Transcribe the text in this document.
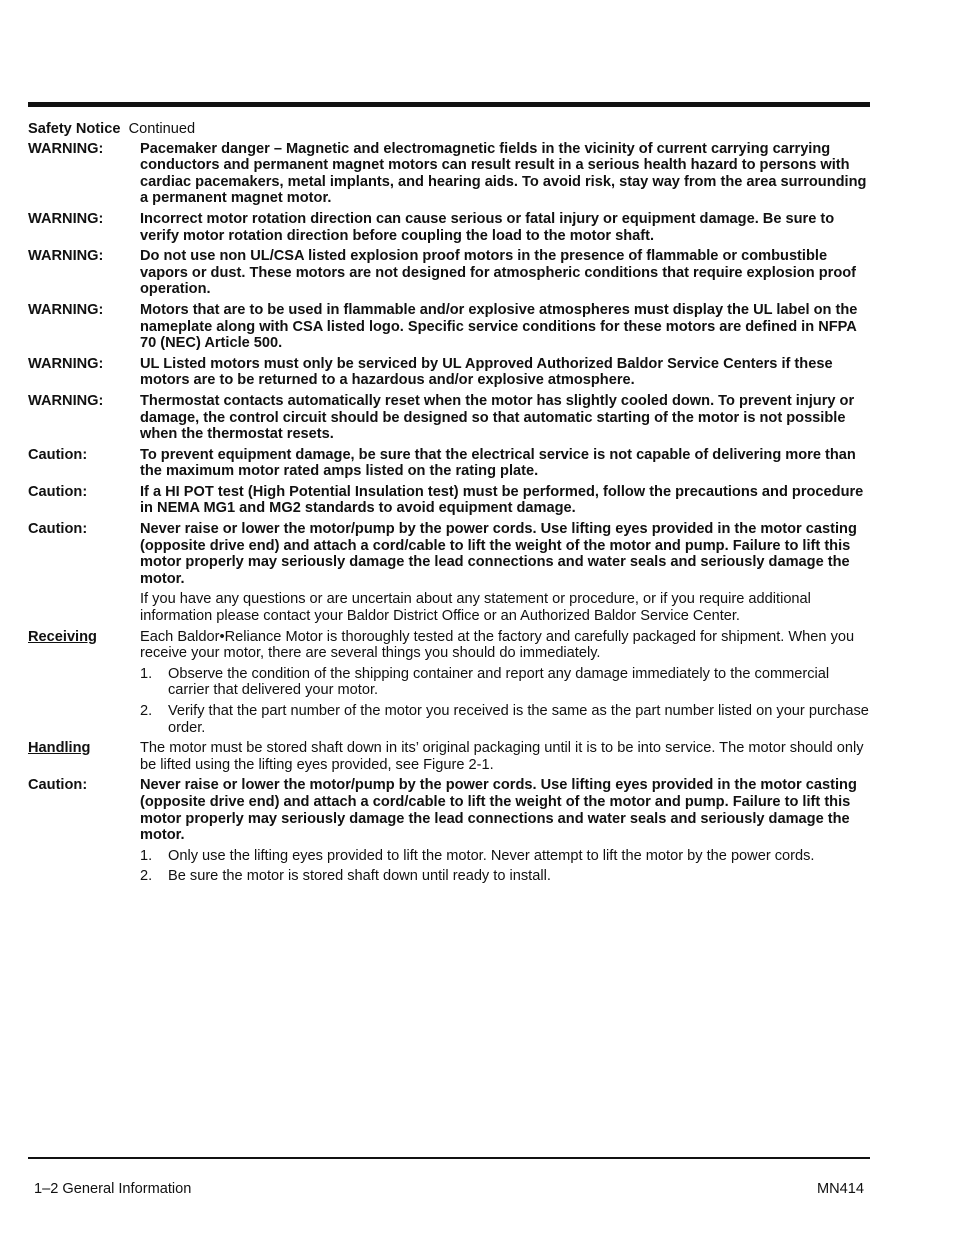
Safety Notice Continued
WARNING:	Pacemaker danger – Magnetic and electromagnetic fields in the vicinity of current carrying carrying conductors and permanent magnet motors can result result in a serious health hazard to persons with cardiac pacemakers, metal implants, and hearing aids. To avoid risk, stay way from the area surrounding a permanent magnet motor.
WARNING:	Incorrect motor rotation direction can cause serious or fatal injury or equipment damage. Be sure to verify motor rotation direction before coupling the load to the motor shaft.
WARNING:	Do not use non UL/CSA listed explosion proof motors in the presence of flammable or combustible vapors or dust. These motors are not designed for atmospheric conditions that require explosion proof operation.
WARNING:	Motors that are to be used in flammable and/or explosive atmospheres must display the UL label on the nameplate along with CSA listed logo. Specific service conditions for these motors are defined in NFPA 70 (NEC) Article 500.
WARNING:	UL Listed motors must only be serviced by UL Approved Authorized Baldor Service Centers if these motors are to be returned to a hazardous and/or explosive atmosphere.
WARNING:	Thermostat contacts automatically reset when the motor has slightly cooled down. To prevent injury or damage, the control circuit should be designed so that automatic starting of the motor is not possible when the thermostat resets.
Caution:	To prevent equipment damage, be sure that the electrical service is not capable of delivering more than the maximum motor rated amps listed on the rating plate.
Caution:	If a HI POT test (High Potential Insulation test) must be performed, follow the precautions and procedure in NEMA MG1 and MG2 standards to avoid equipment damage.
Caution:	Never raise or lower the motor/pump by the power cords. Use lifting eyes provided in the motor casting (opposite drive end) and attach a cord/cable to lift the weight of the motor and pump. Failure to lift this motor properly may seriously damage the lead connections and water seals and seriously damage the motor.
If you have any questions or are uncertain about any statement or procedure, or if you require additional information please contact your Baldor District Office or an Authorized Baldor Service Center.
Receiving	Each Baldor•Reliance Motor is thoroughly tested at the factory and carefully packaged for shipment. When you receive your motor, there are several things you should do immediately.
1.	Observe the condition of the shipping container and report any damage immediately to the commercial carrier that delivered your motor.
2.	Verify that the part number of the motor you received is the same as the part number listed on your purchase order.
Handling	The motor must be stored shaft down in its’ original packaging until it is to be into service. The motor should only be lifted using the lifting eyes provided, see Figure 2-1.
Caution:	Never raise or lower the motor/pump by the power cords. Use lifting eyes provided in the motor casting (opposite drive end) and attach a cord/cable to lift the weight of the motor and pump. Failure to lift this motor properly may seriously damage the lead connections and water seals and seriously damage the motor.
1.	Only use the lifting eyes provided to lift the motor. Never attempt to lift the motor by the power cords.
2.	Be sure the motor is stored shaft down until ready to install.
1–2 General Information	MN414
